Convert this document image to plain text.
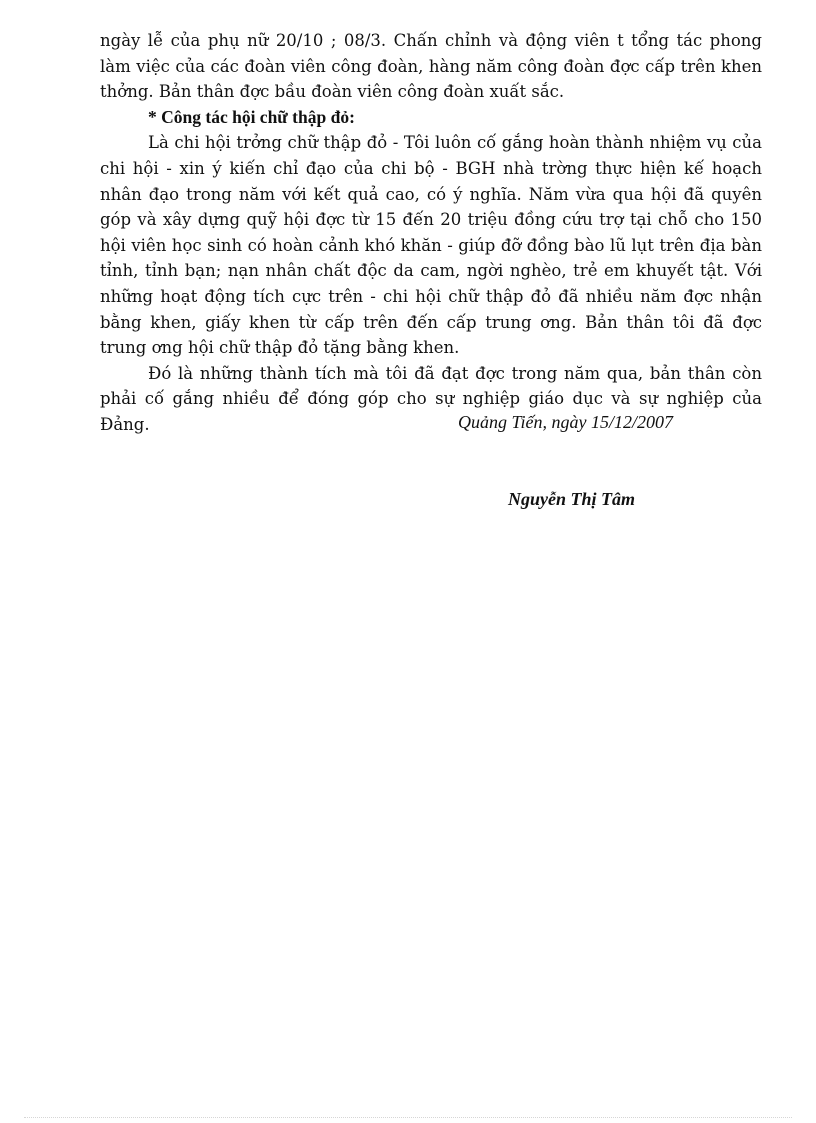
ngày lễ của phụ nữ 20/10 ; 08/3. Chấn chỉnh và động viên t tổng tác phong làm việc của các đoàn viên công đoàn, hàng năm công đoàn đợc cấp trên khen thởng. Bản thân đợc bầu đoàn viên công đoàn xuất sắc.

* Công tác hội chữ thập đỏ:

Là chi hội trởng chữ thập đỏ - Tôi luôn cố gắng hoàn thành nhiệm vụ của chi hội - xin ý kiến chỉ đạo của chi bộ - BGH nhà trờng thực hiện kế hoạch nhân đạo trong năm với kết quả cao, có ý nghĩa. Năm vừa qua hội đã quyên góp và xây dựng quỹ hội đợc từ 15 đến 20 triệu đồng cứu trợ tại chỗ cho 150 hội viên học sinh có hoàn cảnh khó khăn - giúp đỡ đồng bào lũ lụt trên địa bàn tỉnh, tỉnh bạn; nạn nhân chất độc da cam, ngời nghèo, trẻ em khuyết tật. Với những hoạt động tích cực trên - chi hội chữ thập đỏ đã nhiều năm đợc nhận bằng khen, giấy khen từ cấp trên đến cấp trung ơng. Bản thân tôi đã đợc trung ơng hội chữ thập đỏ tặng bằng khen.

Đó là những thành tích mà tôi đã đạt đợc trong năm qua, bản thân còn phải cố gắng nhiều để đóng góp cho sự nghiệp giáo dục và sự nghiệp của Đảng.	Quảng Tiến, ngày 15/12/2007
Nguyễn Thị Tâm
